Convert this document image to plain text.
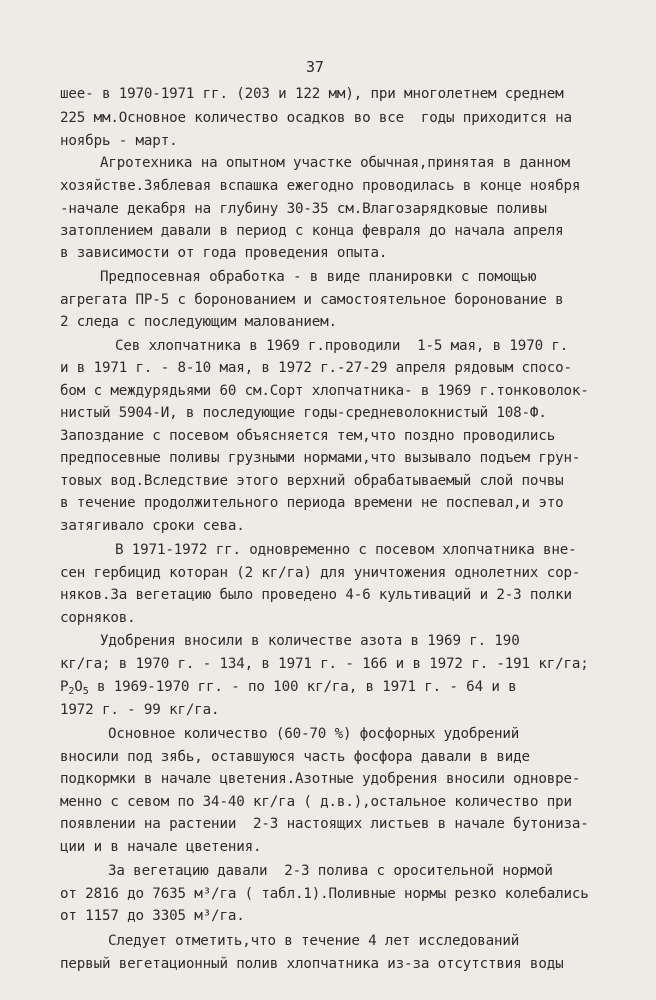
37
шее- в 1970-1971 гг. (203 и 122 мм), при многолетнем среднем
225 мм.Основное количество осадков во все  годы приходится на
ноябрь - март.
Агротехника на опытном участке обычная,принятая в данном
хозяйстве.Зяблевая вспашка ежегодно проводилась в конце ноября
-начале декабря на глубину 30-35 см.Влагозарядковые поливы
затоплением давали в период с конца февраля до начала апреля
в зависимости от года проведения опыта.
Предпосевная обработка - в виде планировки с помощью
агрегата ПР-5 с боронованием и самостоятельное боронование в
2 следа с последующим малованием.
Сев хлопчатника в 1969 г.проводили  1-5 мая, в 1970 г.
и в 1971 г. - 8-10 мая, в 1972 г.-27-29 апреля рядовым спосо-
бом с междурядьями 60 см.Сорт хлопчатника- в 1969 г.тонковолок-
нистый 5904-И, в последующие годы-средневолокнистый 108-Ф.
Запоздание с посевом объясняется тем,что поздно проводились
предпосевные поливы грузными нормами,что вызывало подъем грун-
товых вод.Вследствие этого верхний обрабатываемый слой почвы
в течение продолжительного периода времени не поспевал,и это
затягивало сроки сева.
В 1971-1972 гг. одновременно с посевом хлопчатника вне-
сен гербицид которан (2 кг/га) для уничтожения однолетних сор-
няков.За вегетацию было проведено 4-6 культиваций и 2-3 полки
сорняков.
Удобрения вносили в количестве азота в 1969 г. 190
кг/га; в 1970 г. - 134, в 1971 г. - 166 и в 1972 г. -191 кг/га;
$P_2O_5$ в 1969-1970 гг. - по 100 кг/га, в 1971 г. - 64 и в
1972 г. - 99 кг/га.
Основное количество (60-70 %) фосфорных удобрений
вносили под зябь, оставшуюся часть фосфора давали в виде
подкормки в начале цветения.Азотные удобрения вносили одновре-
менно с севом по 34-40 кг/га ( д.в.),остальное количество при
появлении на растении  2-3 настоящих листьев в начале бутониза-
ции и в начале цветения.
За вегетацию давали  2-3 полива с оросительной нормой
от 2816 до 7635 м³/га ( табл.1).Поливные нормы резко колебались
от 1157 до 3305 м³/га.
Следует отметить,что в течение 4 лет исследований
первый вегетационный полив хлопчатника из-за отсутствия воды
